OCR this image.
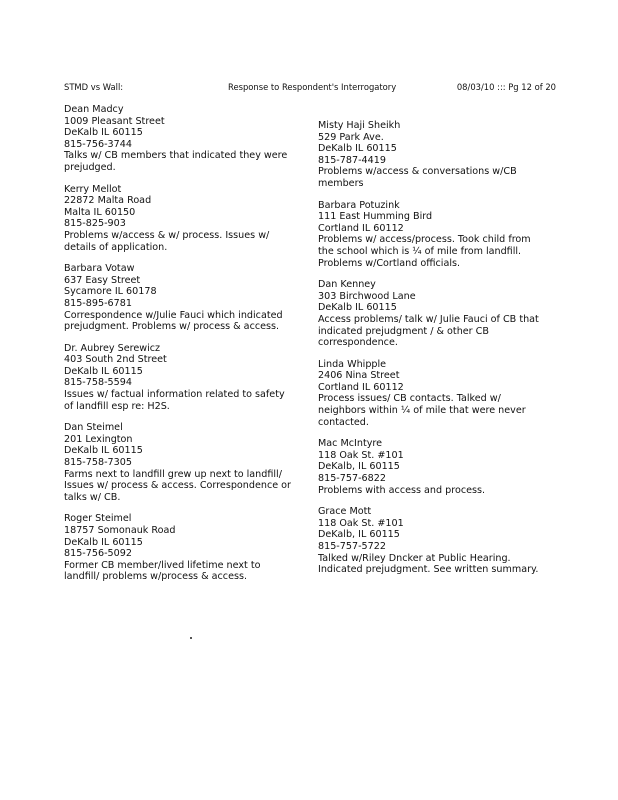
STMD vs Wall:	Response to Respondent's Interrogatory	08/03/10 ::: Pg 12 of 20
Dean Madcy
1009 Pleasant Street
DeKalb IL 60115
815-756-3744
Talks w/ CB members that indicated they were
prejudged.
Kerry Mellot
22872 Malta Road
Malta IL 60150
815-825-903
Problems w/access & w/ process. Issues w/
details of application.
Barbara Votaw
637 Easy Street
Sycamore IL 60178
815-895-6781
Correspondence w/Julie Fauci which indicated
prejudgment. Problems w/ process & access.
Dr. Aubrey Serewicz
403 South 2nd Street
DeKalb IL 60115
815-758-5594
Issues w/ factual information related to safety
of landfill esp re: H2S.
Dan Steimel
201 Lexington
DeKalb IL 60115
815-758-7305
Farms next to landfill grew up next to landfill/
Issues w/ process & access. Correspondence or
talks w/ CB.
Roger Steimel
18757 Somonauk Road
DeKalb IL 60115
815-756-5092
Former CB member/lived lifetime next to
landfill/ problems w/process & access.
Misty Haji Sheikh
529 Park Ave.
DeKalb IL 60115
815-787-4419
Problems w/access & conversations w/CB
members
Barbara Potuzink
111 East Humming Bird
Cortland IL 60112
Problems w/ access/process. Took child from
the school which is ¼ of mile from landfill.
Problems w/Cortland officials.
Dan Kenney
303 Birchwood Lane
DeKalb IL 60115
Access problems/ talk w/ Julie Fauci of CB that
indicated prejudgment / & other CB
correspondence.
Linda Whipple
2406 Nina Street
Cortland IL 60112
Process issues/ CB contacts. Talked w/
neighbors within ¼ of mile that were never
contacted.
Mac McIntyre
118 Oak St. #101
DeKalb, IL 60115
815-757-6822
Problems with access and process.
Grace Mott
118 Oak St. #101
DeKalb, IL 60115
815-757-5722
Talked w/Riley Dncker at Public Hearing.
Indicated prejudgment. See written summary.
